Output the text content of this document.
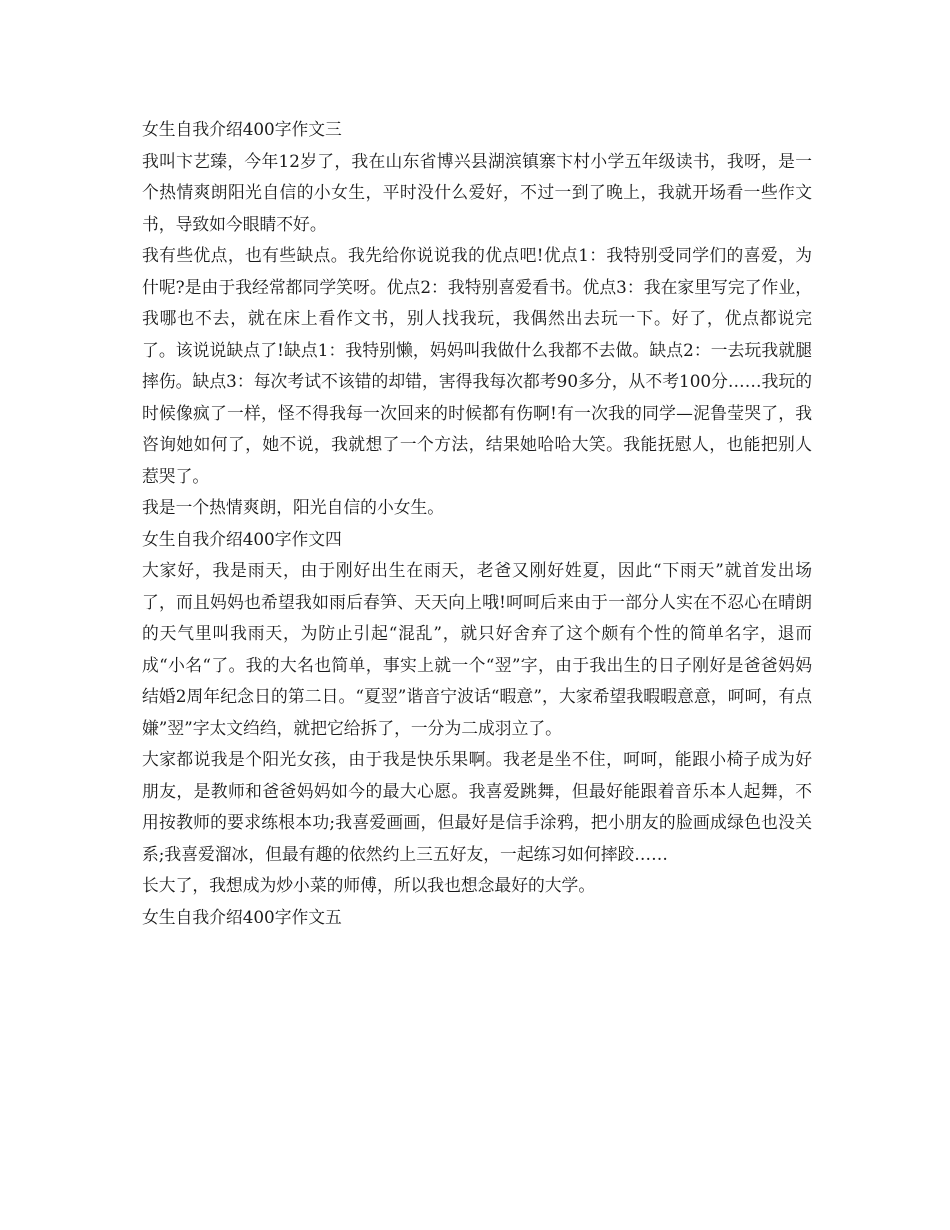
女生自我介绍400字作文三

我叫卞艺臻，今年12岁了，我在山东省博兴县湖滨镇寨卞村小学五年级读书，我呀，是一个热情爽朗阳光自信的小女生，平时没什么爱好，不过一到了晚上，我就开场看一些作文书，导致如今眼睛不好。

我有些优点，也有些缺点。我先给你说说我的优点吧!优点1：我特别受同学们的喜爱，为什呢?是由于我经常都同学笑呀。优点2：我特别喜爱看书。优点3：我在家里写完了作业，我哪也不去，就在床上看作文书，别人找我玩，我偶然出去玩一下。好了，优点都说完了。该说说缺点了!缺点1：我特别懒，妈妈叫我做什么我都不去做。缺点2：一去玩我就腿摔伤。缺点3：每次考试不该错的却错，害得我每次都考90多分，从不考100分……我玩的时候像疯了一样，怪不得我每一次回来的时候都有伤啊!有一次我的同学—泥鲁莹哭了，我咨询她如何了，她不说，我就想了一个方法，结果她哈哈大笑。我能抚慰人，也能把别人惹哭了。

我是一个热情爽朗，阳光自信的小女生。

女生自我介绍400字作文四

大家好，我是雨天，由于刚好出生在雨天，老爸又刚好姓夏，因此“下雨天”就首发出场了，而且妈妈也希望我如雨后春笋、天天向上哦!呵呵后来由于一部分人实在不忍心在晴朗的天气里叫我雨天，为防止引起“混乱”，就只好舍弃了这个颇有个性的简单名字，退而成“小名“了。我的大名也简单，事实上就一个“翌”字，由于我出生的日子刚好是爸爸妈妈结婚2周年纪念日的第二日。“夏翌”谐音宁波话“暇意”，大家希望我暇暇意意，呵呵，有点嫌”翌”字太文绉绉，就把它给拆了，一分为二成羽立了。

大家都说我是个阳光女孩，由于我是快乐果啊。我老是坐不住，呵呵，能跟小椅子成为好朋友，是教师和爸爸妈妈如今的最大心愿。我喜爱跳舞，但最好能跟着音乐本人起舞，不用按教师的要求练根本功;我喜爱画画，但最好是信手涂鸦，把小朋友的脸画成绿色也没关系;我喜爱溜冰，但最有趣的依然约上三五好友，一起练习如何摔跤……

长大了，我想成为炒小菜的师傅，所以我也想念最好的大学。

女生自我介绍400字作文五
